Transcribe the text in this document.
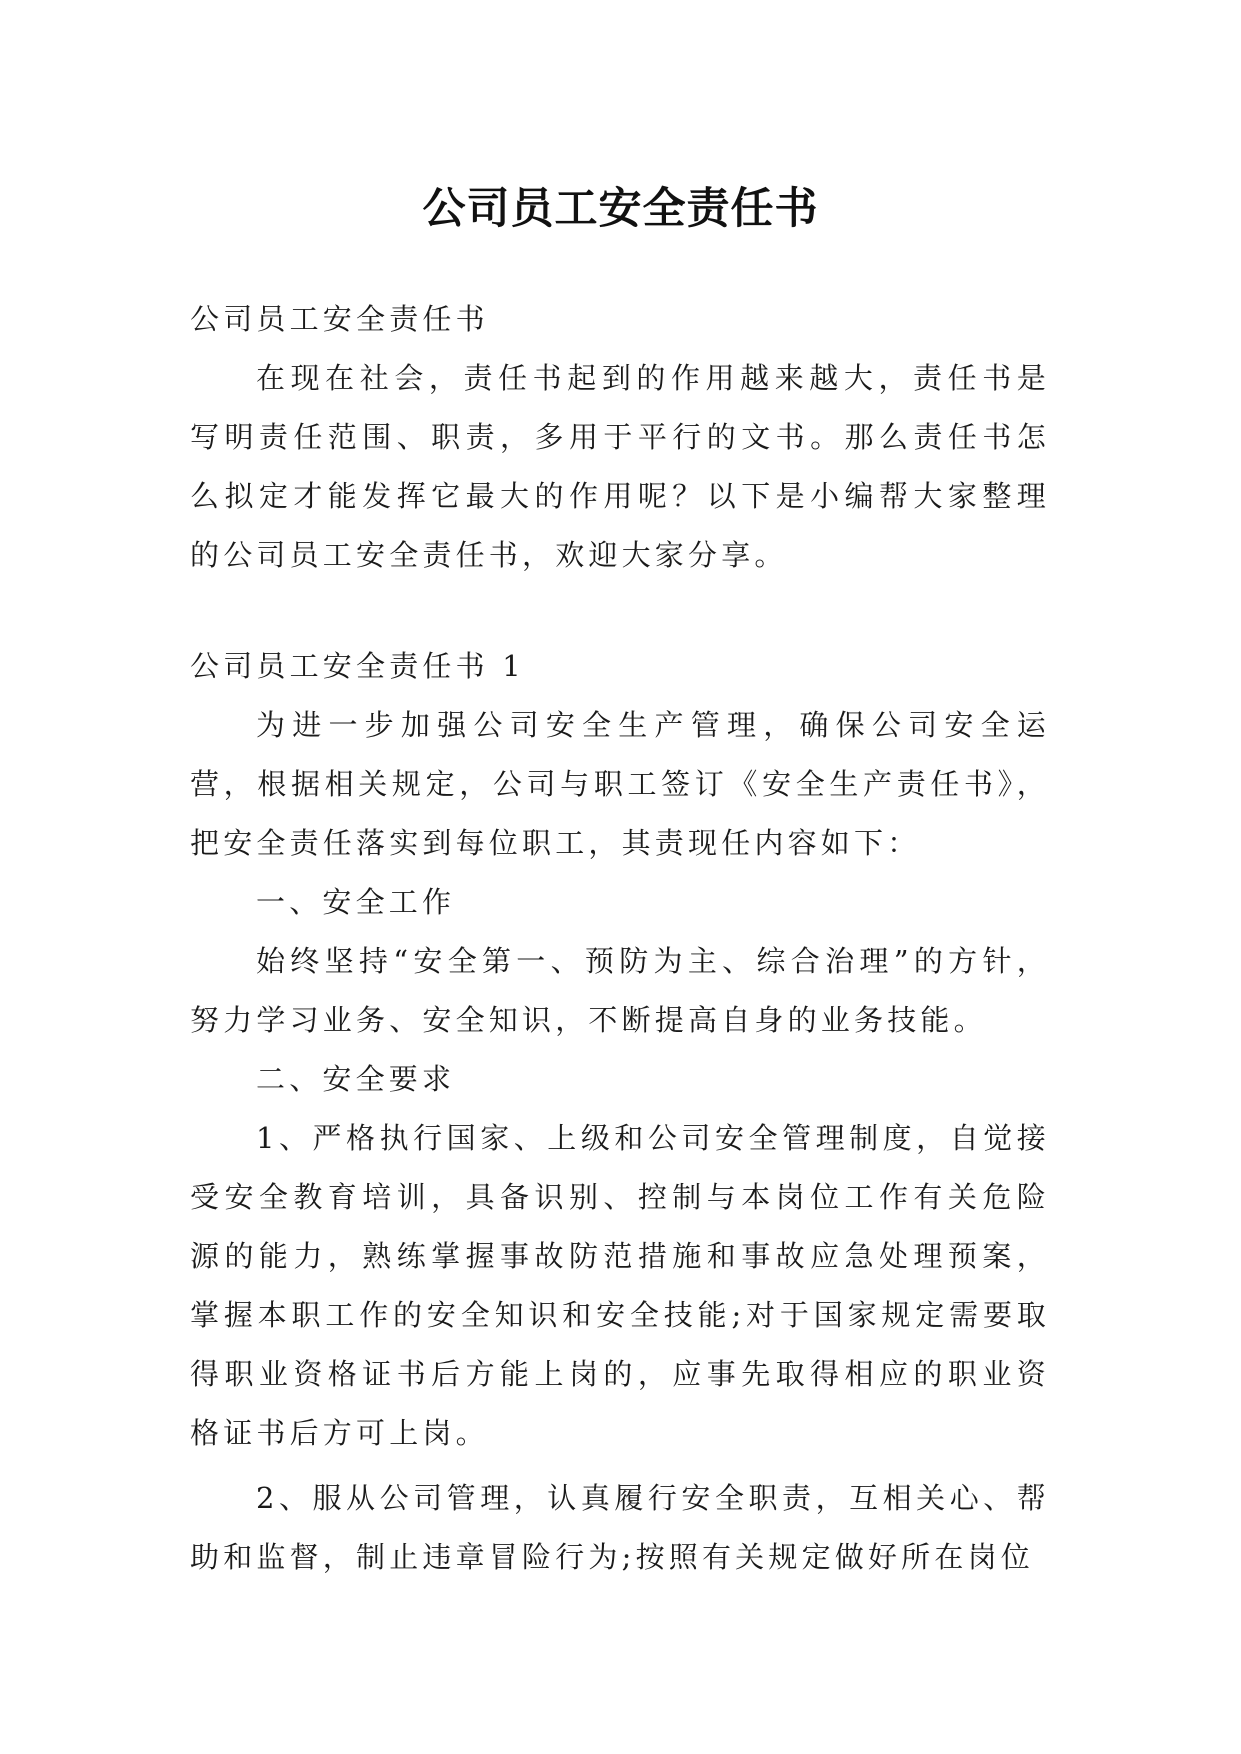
公司员工安全责任书

公司员工安全责任书

在现在社会，责任书起到的作用越来越大，责任书是写明责任范围、职责，多用于平行的文书。那么责任书怎么拟定才能发挥它最大的作用呢？以下是小编帮大家整理的公司员工安全责任书，欢迎大家分享。

公司员工安全责任书 1

为进一步加强公司安全生产管理，确保公司安全运营，根据相关规定，公司与职工签订《安全生产责任书》，把安全责任落实到每位职工，其责现任内容如下：

一、安全工作

始终坚持“安全第一、预防为主、综合治理”的方针，努力学习业务、安全知识，不断提高自身的业务技能。

二、安全要求

1、严格执行国家、上级和公司安全管理制度，自觉接受安全教育培训，具备识别、控制与本岗位工作有关危险源的能力，熟练掌握事故防范措施和事故应急处理预案，掌握本职工作的安全知识和安全技能;对于国家规定需要取得职业资格证书后方能上岗的，应事先取得相应的职业资格证书后方可上岗。

2、服从公司管理，认真履行安全职责，互相关心、帮助和监督，制止违章冒险行为;按照有关规定做好所在岗位
